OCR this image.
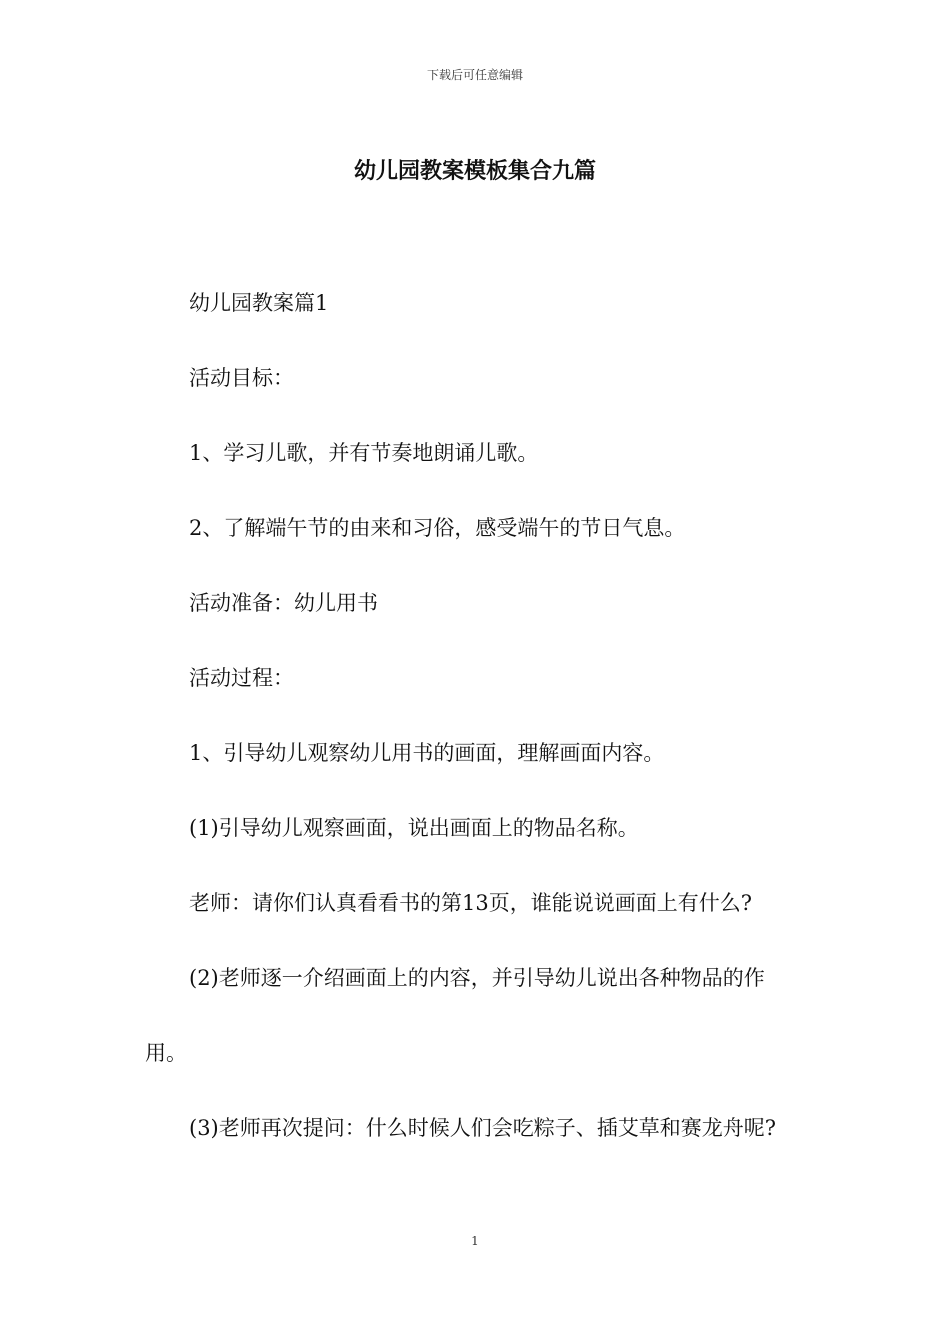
下载后可任意编辑
幼儿园教案模板集合九篇

幼儿园教案篇1

活动目标：

1、学习儿歌，并有节奏地朗诵儿歌。

2、了解端午节的由来和习俗，感受端午的节日气息。

活动准备：幼儿用书

活动过程：

1、引导幼儿观察幼儿用书的画面，理解画面内容。

(1)引导幼儿观察画面，说出画面上的物品名称。

老师：请你们认真看看书的第13页，谁能说说画面上有什么?

(2)老师逐一介绍画面上的内容，并引导幼儿说出各种物品的作
用。

(3)老师再次提问：什么时候人们会吃粽子、插艾草和赛龙舟呢?

1
